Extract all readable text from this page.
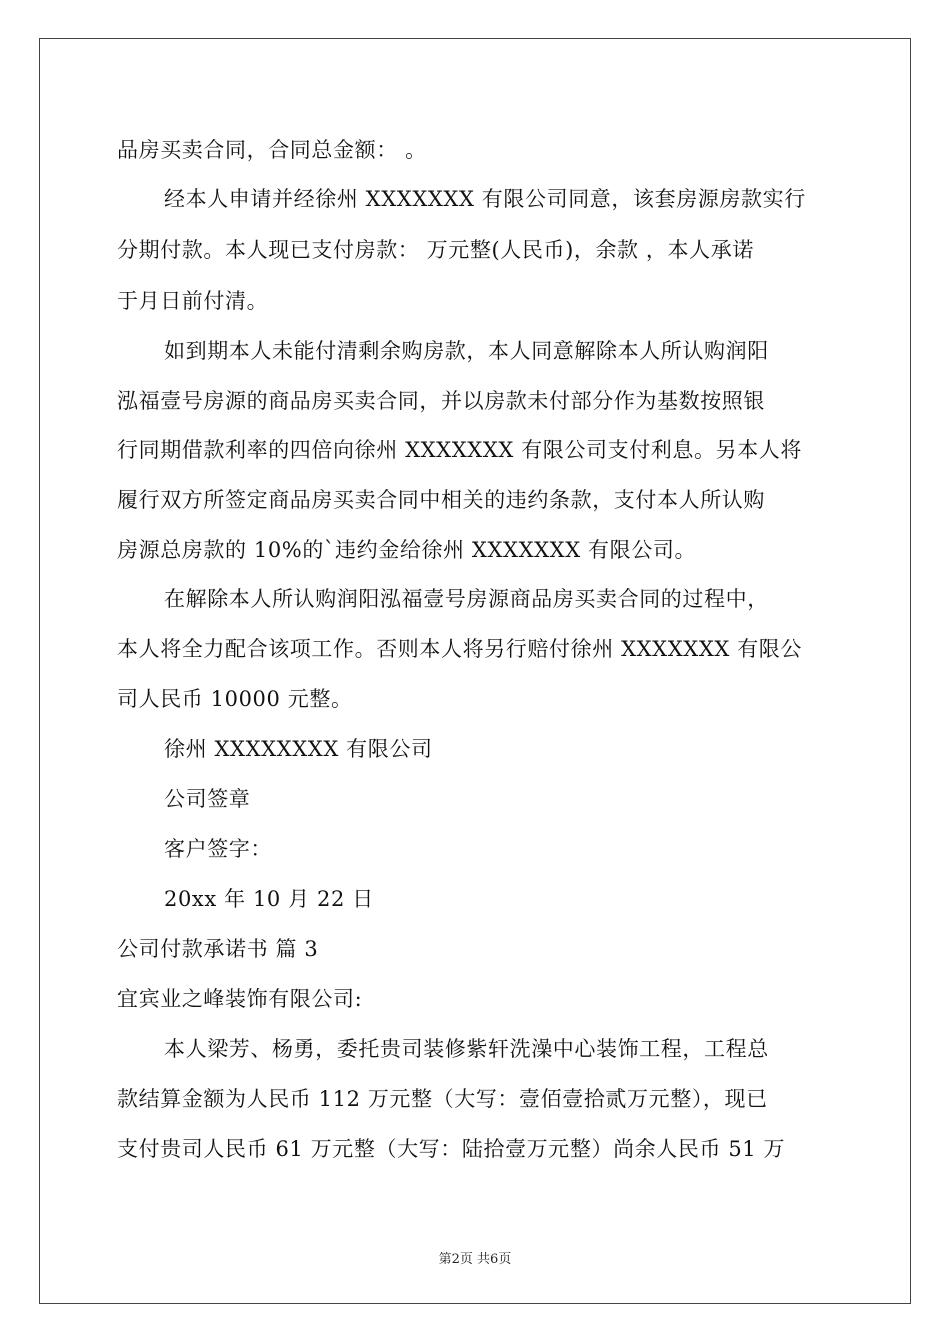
品房买卖合同，合同总金额： 。
经本人申请并经徐州 XXXXXXX 有限公司同意，该套房源房款实行
分期付款。本人现已支付房款： 万元整(人民币)，余款 ，本人承诺
于月日前付清。
如到期本人未能付清剩余购房款，本人同意解除本人所认购润阳
泓福壹号房源的商品房买卖合同，并以房款未付部分作为基数按照银
行同期借款利率的四倍向徐州 XXXXXXX 有限公司支付利息。另本人将
履行双方所签定商品房买卖合同中相关的违约条款，支付本人所认购
房源总房款的 10%的`违约金给徐州 XXXXXXX 有限公司。
在解除本人所认购润阳泓福壹号房源商品房买卖合同的过程中，
本人将全力配合该项工作。否则本人将另行赔付徐州 XXXXXXX 有限公
司人民币 10000 元整。
徐州 XXXXXXXX 有限公司
公司签章
客户签字：
20xx 年 10 月 22 日
公司付款承诺书 篇 3
宜宾业之峰装饰有限公司:
本人梁芳、杨勇，委托贵司装修紫轩洗澡中心装饰工程，工程总
款结算金额为人民币 112 万元整（大写：壹佰壹拾贰万元整），现已
支付贵司人民币 61 万元整（大写：陆拾壹万元整）尚余人民币 51 万
第2页 共6页
